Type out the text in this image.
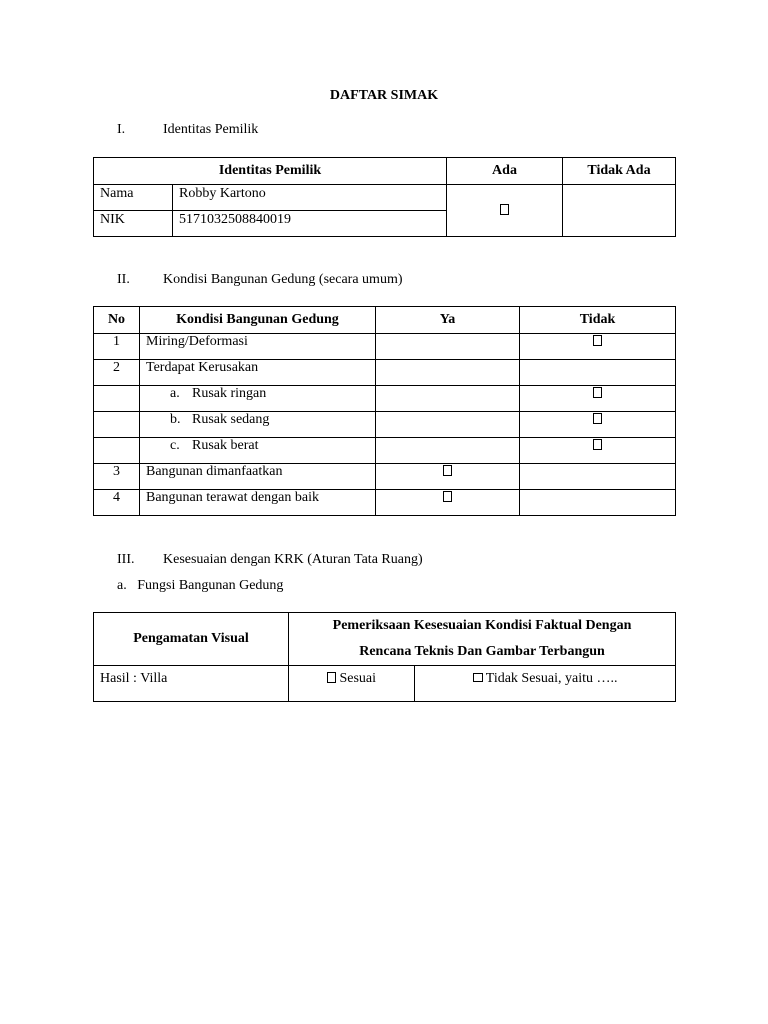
DAFTAR SIMAK
I.	Identitas Pemilik
Identitas Pemilik		Ada	Tidak Ada
Nama	Robby Kartono		
NIK	5171032508840019		
II. Kondisi Bangunan Gedung (secara umum)
No	Kondisi Bangunan Gedung	Ya	Tidak
1	Miring/Deformasi		
2	Terdapat Kerusakan		
	a. Rusak ringan		
	b. Rusak sedang		
	c. Rusak berat		
3	Bangunan dimanfaatkan		
4	Bangunan terawat dengan baik		
III. Kesesuaian dengan KRK (Aturan Tata Ruang)
a.   Fungsi Bangunan Gedung
Pengamatan Visual	Pemeriksaan Kesesuaian Kondisi Faktual Dengan
Rencana Teknis Dan Gambar Terbangun	

Hasil : Villa	Sesuai	Tidak Sesuai, yaitu …..
